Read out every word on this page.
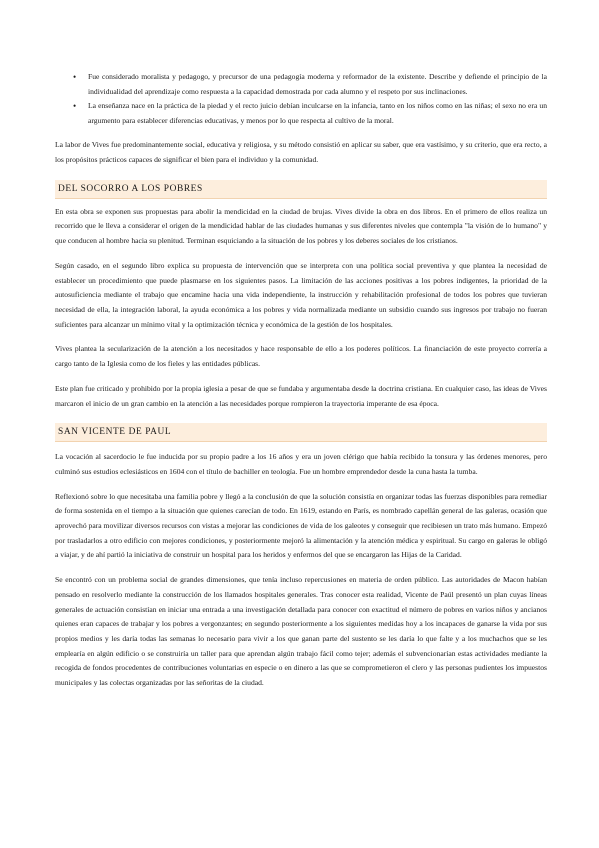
• Fue considerado moralista y pedagogo, y precursor de una pedagogía moderna y reformador de la existente. Describe y defiende el principio de la individualidad del aprendizaje como respuesta a la capacidad demostrada por cada alumno y el respeto por sus inclinaciones.
• La enseñanza nace en la práctica de la piedad y el recto juicio debían inculcarse en la infancia, tanto en los niños como en las niñas; el sexo no era un argumento para establecer diferencias educativas, y menos por lo que respecta al cultivo de la moral.

La labor de Vives fue predominantemente social, educativa y religiosa, y su método consistió en aplicar su saber, que era vastísimo, y su criterio, que era recto, a los propósitos prácticos capaces de significar el bien para el individuo y la comunidad.

DEL SOCORRO A LOS POBRES

En esta obra se exponen sus propuestas para abolir la mendicidad en la ciudad de brujas. Vives divide la obra en dos libros. En el primero de ellos realiza un recorrido que le lleva a considerar el origen de la mendicidad hablar de las ciudades humanas y sus diferentes niveles que contempla "la visión de lo humano" y que conducen al hombre hacia su plenitud. Terminan esquiciando a la situación de los pobres y los deberes sociales de los cristianos.

Según casado, en el segundo libro explica su propuesta de intervención que se interpreta con una política social preventiva y que plantea la necesidad de establecer un procedimiento que puede plasmarse en los siguientes pasos. La limitación de las acciones positivas a los pobres indigentes, la prioridad de la autosuficiencia mediante el trabajo que encamine hacia una vida independiente, la instrucción y rehabilitación profesional de todos los pobres que tuvieran necesidad de ella, la integración laboral, la ayuda económica a los pobres y vida normalizada mediante un subsidio cuando sus ingresos por trabajo no fueran suficientes para alcanzar un mínimo vital y la optimización técnica y económica de la gestión de los hospitales.

Vives plantea la secularización de la atención a los necesitados y hace responsable de ello a los poderes políticos. La financiación de este proyecto correría a cargo tanto de la Iglesia como de los fieles y las entidades públicas.

Este plan fue criticado y prohibido por la propia iglesia a pesar de que se fundaba y argumentaba desde la doctrina cristiana. En cualquier caso, las ideas de Vives marcaron el inicio de un gran cambio en la atención a las necesidades porque rompieron la trayectoria imperante de esa época.

SAN VICENTE DE PAUL

La vocación al sacerdocio le fue inducida por su propio padre a los 16 años y era un joven clérigo que había recibido la tonsura y las órdenes menores, pero culminó sus estudios eclesiásticos en 1604 con el título de bachiller en teología. Fue un hombre emprendedor desde la cuna hasta la tumba.

Reflexionó sobre lo que necesitaba una familia pobre y llegó a la conclusión de que la solución consistía en organizar todas las fuerzas disponibles para remediar de forma sostenida en el tiempo a la situación que quienes carecían de todo. En 1619, estando en París, es nombrado capellán general de las galeras, ocasión que aprovechó para movilizar diversos recursos con vistas a mejorar las condiciones de vida de los galeotes y conseguir que recibiesen un trato más humano. Empezó por trasladarlos a otro edificio con mejores condiciones, y posteriormente mejoró la alimentación y la atención médica y espiritual. Su cargo en galeras le obligó a viajar, y de ahí partió la iniciativa de construir un hospital para los heridos y enfermos del que se encargaron las Hijas de la Caridad.

Se encontró con un problema social de grandes dimensiones, que tenía incluso repercusiones en materia de orden público. Las autoridades de Macon habían pensado en resolverlo mediante la construcción de los llamados hospitales generales. Tras conocer esta realidad, Vicente de Paúl presentó un plan cuyas líneas generales de actuación consistían en iniciar una entrada a una investigación detallada para conocer con exactitud el número de pobres en varios niños y ancianos quienes eran capaces de trabajar y los pobres a vergonzantes; en segundo posteriormente a los siguientes medidas hoy a los incapaces de ganarse la vida por sus propios medios y les daría todas las semanas lo necesario para vivir a los que ganan parte del sustento se les daría lo que falte y a los muchachos que se les emplearía en algún edificio o se construiría un taller para que aprendan algún trabajo fácil como tejer; además el subvencionarían estas actividades mediante la recogida de fondos procedentes de contribuciones voluntarias en especie o en dinero a las que se comprometieron el clero y las personas pudientes los impuestos municipales y las colectas organizadas por las señoritas de la ciudad.
